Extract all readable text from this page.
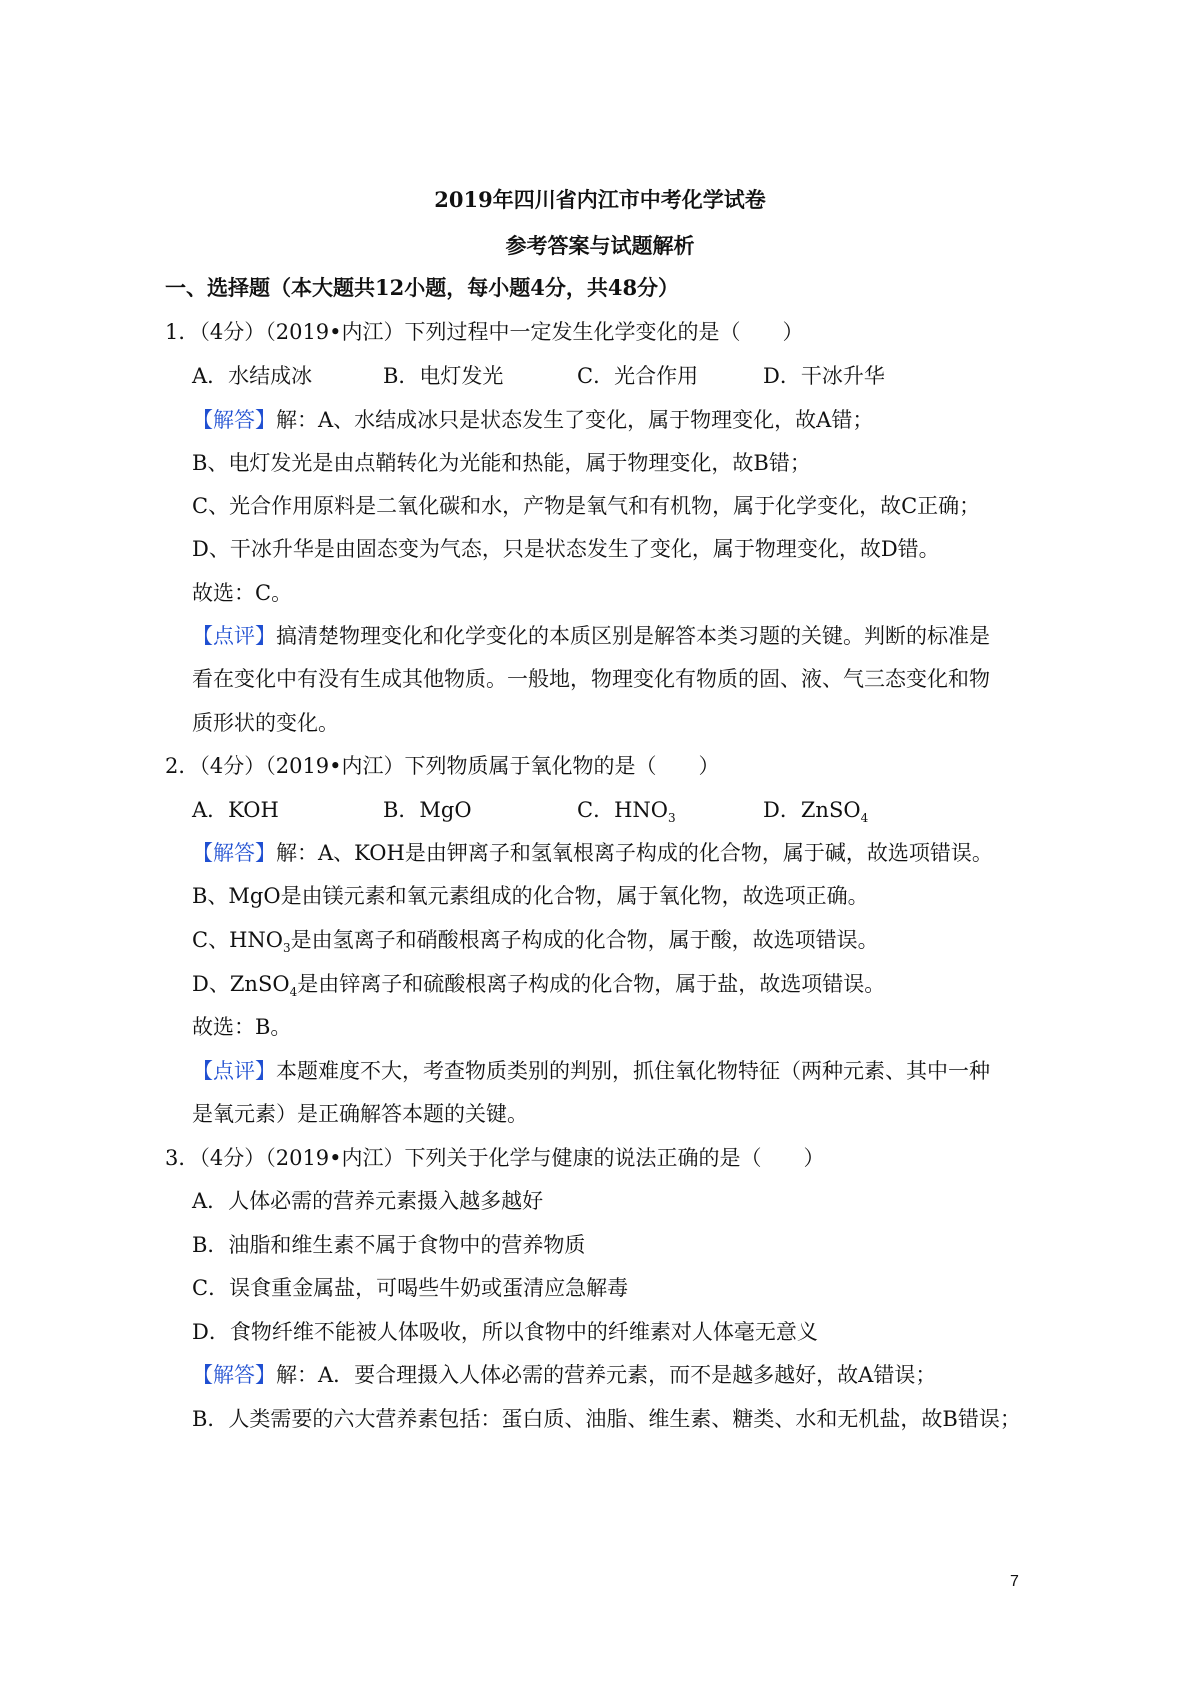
2019年四川省内江市中考化学试卷
参考答案与试题解析
一、选择题（本大题共12小题，每小题4分，共48分）
1．（4分）（2019•内江）下列过程中一定发生化学变化的是（　　）
A．水结成冰	B．电灯发光	C．光合作用	D．干冰升华
【解答】解：A、水结成冰只是状态发生了变化，属于物理变化，故A错；
B、电灯发光是由点鞘转化为光能和热能，属于物理变化，故B错；
C、光合作用原料是二氧化碳和水，产物是氧气和有机物，属于化学变化，故C正确；
D、干冰升华是由固态变为气态，只是状态发生了变化，属于物理变化，故D错。
故选：C。
【点评】搞清楚物理变化和化学变化的本质区别是解答本类习题的关键。判断的标准是
看在变化中有没有生成其他物质。一般地，物理变化有物质的固、液、气三态变化和物
质形状的变化。
2．（4分）（2019•内江）下列物质属于氧化物的是（　　）
A．KOH	B．MgO	C．$HNO_3$	D．ZnSO$_4$
【解答】解：A、KOH是由钾离子和氢氧根离子构成的化合物，属于碱，故选项错误。
B、MgO是由镁元素和氧元素组成的化合物，属于氧化物，故选项正确。
C、$HNO_3$是由氢离子和硝酸根离子构成的化合物，属于酸，故选项错误。
D、ZnSO$_4$是由锌离子和硫酸根离子构成的化合物，属于盐，故选项错误。
故选：B。
【点评】本题难度不大，考查物质类别的判别，抓住氧化物特征（两种元素、其中一种
是氧元素）是正确解答本题的关键。
3．（4分）（2019•内江）下列关于化学与健康的说法正确的是（　　）
A．人体必需的营养元素摄入越多越好
B．油脂和维生素不属于食物中的营养物质
C．误食重金属盐，可喝些牛奶或蛋清应急解毒
D．食物纤维不能被人体吸收，所以食物中的纤维素对人体毫无意义
【解答】解：A．要合理摄入人体必需的营养元素，而不是越多越好，故A错误；
B．人类需要的六大营养素包括：蛋白质、油脂、维生素、糖类、水和无机盐，故B错误；
7
